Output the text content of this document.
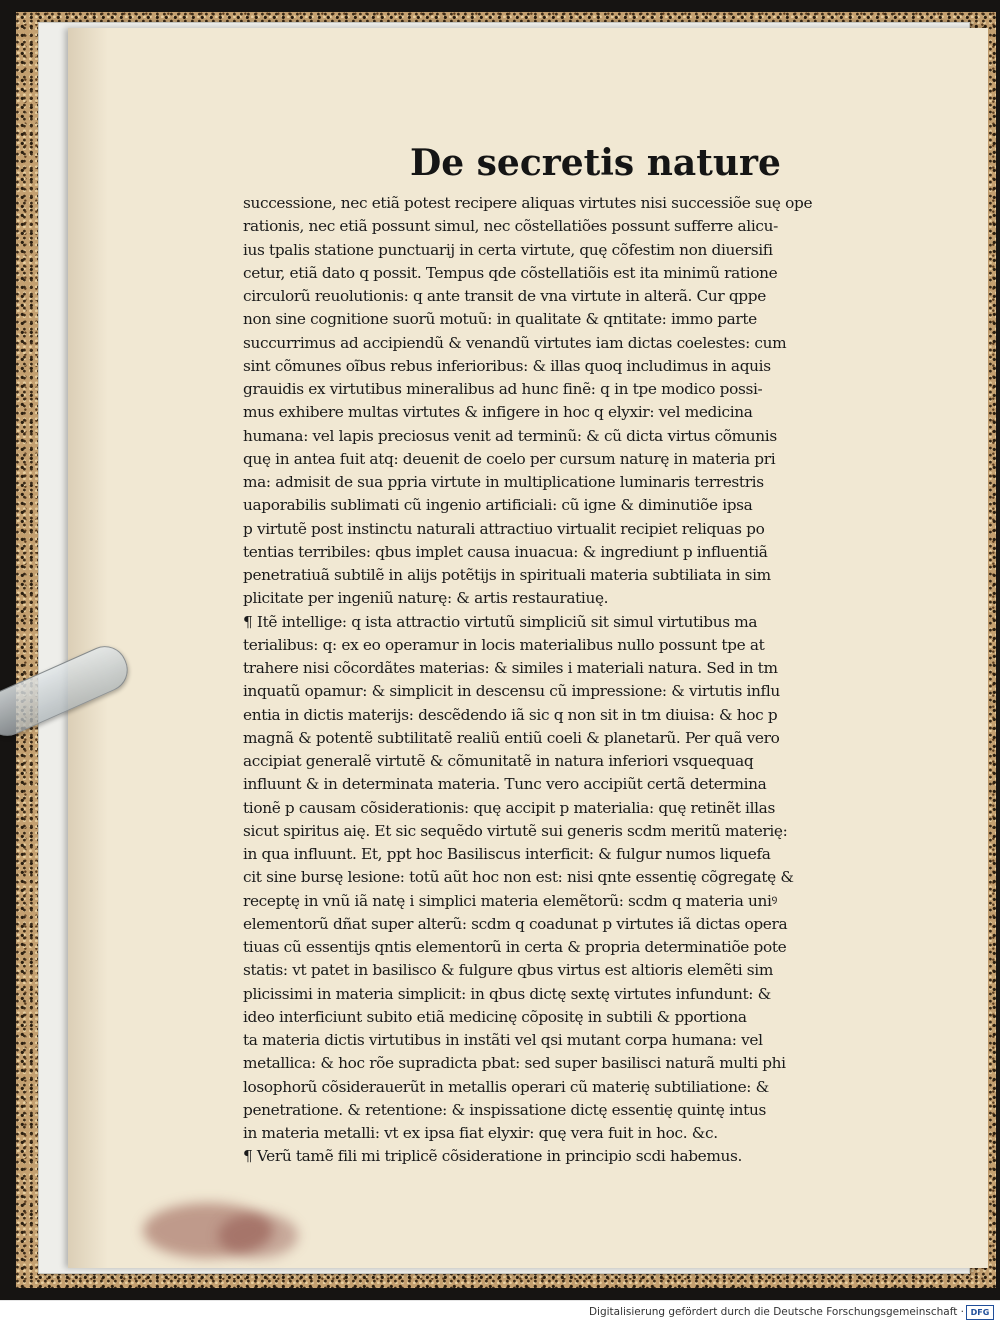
De secretis nature
successione, nec etiã potest recipere aliquas virtutes nisi successiõe suę ope
rationis, nec etiã possunt simul, nec cõstellatiões possunt sufferre alicu-
ius tpalis statione punctuarij in certa virtute, quę cõfestim non diuersifi
cetur, etiã dato q possit. Tempus qde cõstellatiõis est ita minimũ ratione
circulorũ reuolutionis: q ante transit de vna virtute in alterã. Cur qppe
non sine cognitione suorũ motuũ: in qualitate & qntitate: immo parte
succurrimus ad accipiendũ & venandũ virtutes iam dictas coelestes: cum
sint cõmunes oĩbus rebus inferioribus: & illas quoq includimus in aquis
grauidis ex virtutibus mineralibus ad hunc finẽ: q in tpe modico possi-
mus exhibere multas virtutes & infigere in hoc q elyxir: vel medicina
humana: vel lapis preciosus venit ad terminũ: & cũ dicta virtus cõmunis
quę in antea fuit atq: deuenit de coelo per cursum naturę in materia pri
ma: admisit de sua ppria virtute in multiplicatione luminaris terrestris
uaporabilis sublimati cũ ingenio artificiali: cũ igne & diminutiõe ipsa
p virtutẽ post instinctu naturali attractiuo virtualit recipiet reliquas po
tentias terribiles: qbus implet causa inuacua: & ingrediunt p influentiã
penetratiuã subtilẽ in alijs potẽtijs in spirituali materia subtiliata in sim
plicitate per ingeniũ naturę: & artis restauratiuę.
¶ Itẽ intellige: q ista attractio virtutũ simpliciũ sit simul virtutibus ma
terialibus: q: ex eo operamur in locis materialibus nullo possunt tpe at
trahere nisi cõcordãtes materias: & similes i materiali natura. Sed in tm
inquatũ opamur: & simplicit in descensu cũ impressione: & virtutis influ
entia in dictis materijs: descẽdendo iã sic q non sit in tm diuisa: & hoc p
magnã & potentẽ subtilitatẽ realiũ entiũ coeli & planetarũ. Per quã vero
accipiat generalẽ virtutẽ & cõmunitatẽ in natura inferiori vsquequaq
influunt & in determinata materia. Tunc vero accipiũt certã determina
tionẽ p causam cõsiderationis: quę accipit p materialia: quę retinẽt illas
sicut spiritus aię. Et sic sequẽdo virtutẽ sui generis scdm meritũ materię:
in qua influunt. Et, ppt hoc Basiliscus interficit: & fulgur numos liquefa
cit sine bursę lesione: totũ aũt hoc non est: nisi qnte essentię cõgregatę &
receptę in vnũ iã natę i simplici materia elemẽtorũ: scdm q materia uniꝰ
elementorũ dñat super alterũ: scdm q coadunat p virtutes iã dictas opera
tiuas cũ essentijs qntis elementorũ in certa & propria determinatiõe pote
statis: vt patet in basilisco & fulgure qbus virtus est altioris elemẽti sim
plicissimi in materia simplicit: in qbus dictę sextę virtutes infundunt: &
ideo interficiunt subito etiã medicinę cõpositę in subtili & pportiona
ta materia dictis virtutibus in instãti vel qsi mutant corpa humana: vel
metallica: & hoc rõe supradicta pbat: sed super basilisci naturã multi phi
losophorũ cõsiderauerũt in metallis operari cũ materię subtiliatione: &
penetratione. & retentione: & inspissatione dictę essentię quintę intus
in materia metalli: vt ex ipsa fiat elyxir: quę vera fuit in hoc. &c.
¶ Verũ tamẽ fili mi triplicẽ cõsideratione in principio scdi habemus.
Digitalisierung gefördert durch die Deutsche Forschungsgemeinschaft · DFG
